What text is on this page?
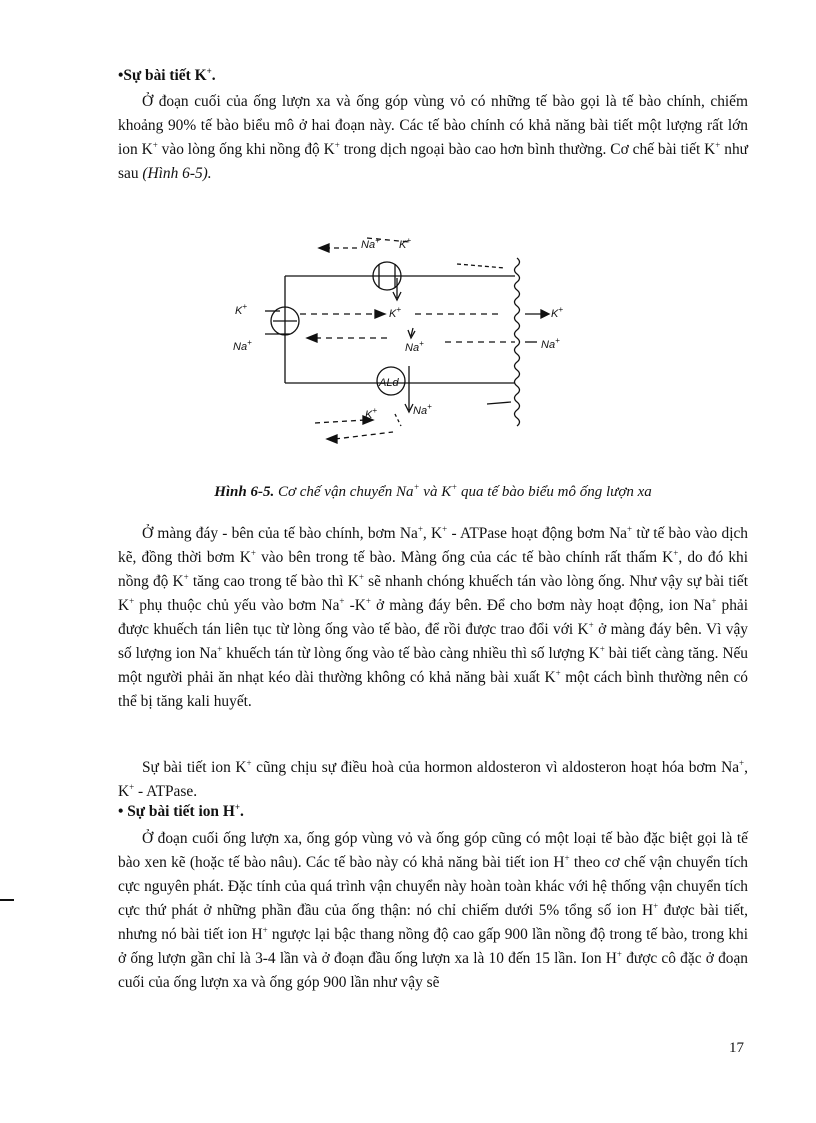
•Sự bài tiết K+.
Ở đoạn cuối của ống lượn xa và ống góp vùng vỏ có những tế bào gọi là tế bào chính, chiếm khoảng 90% tế bào biểu mô ở hai đoạn này. Các tế bào chính có khả năng bài tiết một lượng rất lớn ion K+ vào lòng ống khi nồng độ K+ trong dịch ngoại bào cao hơn bình thường. Cơ chế bài tiết K+ như sau (Hình 6-5).
Na+ K+
K+
Na+
K+
Na+
K+
Na+
ALd
K+	Na+
Hình 6-5. Cơ chế vận chuyển Na+ và K+ qua tế bào biểu mô ống lượn xa
Ở màng đáy - bên của tế bào chính, bơm Na+, K+ - ATPase hoạt động bơm Na+ từ tế bào vào dịch kẽ, đồng thời bơm K+ vào bên trong tế bào. Màng ống của các tế bào chính rất thấm K+, do đó khi nồng độ K+ tăng cao trong tế bào thì K+ sẽ nhanh chóng khuếch tán vào lòng ống. Như vậy sự bài tiết K+ phụ thuộc chủ yếu vào bơm Na+ -K+ ở màng đáy bên. Để cho bơm này hoạt động, ion Na+ phải được khuếch tán liên tục từ lòng ống vào tế bào, để rồi được trao đổi với K+ ở màng đáy bên. Vì vậy số lượng ion Na+ khuếch tán từ lòng ống vào tế bào càng nhiều thì số lượng K+ bài tiết càng tăng. Nếu một người phải ăn nhạt kéo dài thường không có khả năng bài xuất K+ một cách bình thường nên có thể bị tăng kali huyết.
Sự bài tiết ion K+ cũng chịu sự điều hoà của hormon aldosteron vì aldosteron hoạt hóa bơm Na+, K+ - ATPase.
• Sự bài tiết ion H+.
Ở đoạn cuối ống lượn xa, ống góp vùng vỏ và ống góp cũng có một loại tế bào đặc biệt gọi là tế bào xen kẽ (hoặc tế bào nâu). Các tế bào này có khả năng bài tiết ion H+ theo cơ chế vận chuyển tích cực nguyên phát. Đặc tính của quá trình vận chuyển này hoàn toàn khác với hệ thống vận chuyển tích cực thứ phát ở những phần đầu của ống thận: nó chỉ chiếm dưới 5% tổng số ion H+ được bài tiết, nhưng nó bài tiết ion H+ ngược lại bậc thang nồng độ cao gấp 900 lần nồng độ trong tế bào, trong khi ở ống lượn gần chỉ là 3-4 lần và ở đoạn đầu ống lượn xa là 10 đến 15 lần. Ion H+ được cô đặc ở đoạn cuối của ống lượn xa và ống góp 900 lần như vậy sẽ
17
